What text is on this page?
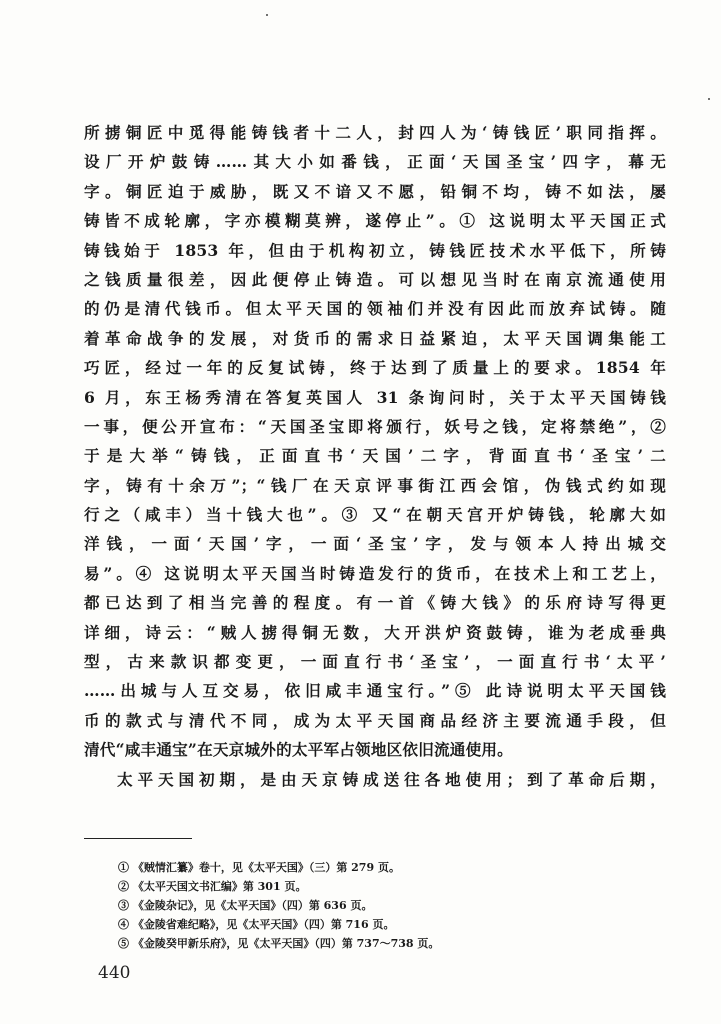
所掳铜匠中觅得能铸钱者十二人，封四人为‘铸钱匠’职同指挥。
设厂开炉鼓铸……其大小如番钱，正面‘天国圣宝’四字，幕无
字。铜匠迫于威胁，既又不谙又不愿，铅铜不均，铸不如法，屡
铸皆不成轮廓，字亦模糊莫辨，遂停止”。① 这说明太平天国正式
铸钱始于 1853 年，但由于机构初立，铸钱匠技术水平低下，所铸
之钱质量很差，因此便停止铸造。可以想见当时在南京流通使用
的仍是清代钱币。但太平天国的领袖们并没有因此而放弃试铸。随
着革命战争的发展，对货币的需求日益紧迫，太平天国调集能工
巧匠，经过一年的反复试铸，终于达到了质量上的要求。1854 年
6 月，东王杨秀清在答复英国人 31 条询问时，关于太平天国铸钱
一事，便公开宣布：“天国圣宝即将颁行，妖号之钱，定将禁绝”，②
于是大举“铸钱，正面直书‘天国’二字，背面直书‘圣宝’二
字，铸有十余万”；“钱厂在天京评事街江西会馆，伪钱式约如现
行之（咸丰）当十钱大也”。③ 又“在朝天宫开炉铸钱，轮廓大如
洋钱，一面‘天国’字，一面‘圣宝’字，发与领本人持出城交
易”。④ 这说明太平天国当时铸造发行的货币，在技术上和工艺上，
都已达到了相当完善的程度。有一首《铸大钱》的乐府诗写得更
详细，诗云：“贼人掳得铜无数，大开洪炉资鼓铸，谁为老成垂典
型，古来款识都变更，一面直行书‘圣宝’，一面直行书‘太平’
……出城与人互交易，依旧咸丰通宝行。”⑤ 此诗说明太平天国钱
币的款式与清代不同，成为太平天国商品经济主要流通手段，但
清代“咸丰通宝”在天京城外的太平军占领地区依旧流通使用。
太平天国初期，是由天京铸成送往各地使用；到了革命后期，
① 《贼情汇纂》卷十，见《太平天国》（三）第 279 页。
② 《太平天国文书汇编》第 301 页。
③ 《金陵杂记》，见《太平天国》（四）第 636 页。
④ 《金陵省难纪略》，见《太平天国》（四）第 716 页。
⑤ 《金陵癸甲新乐府》，见《太平天国》（四）第 737～738 页。
440
